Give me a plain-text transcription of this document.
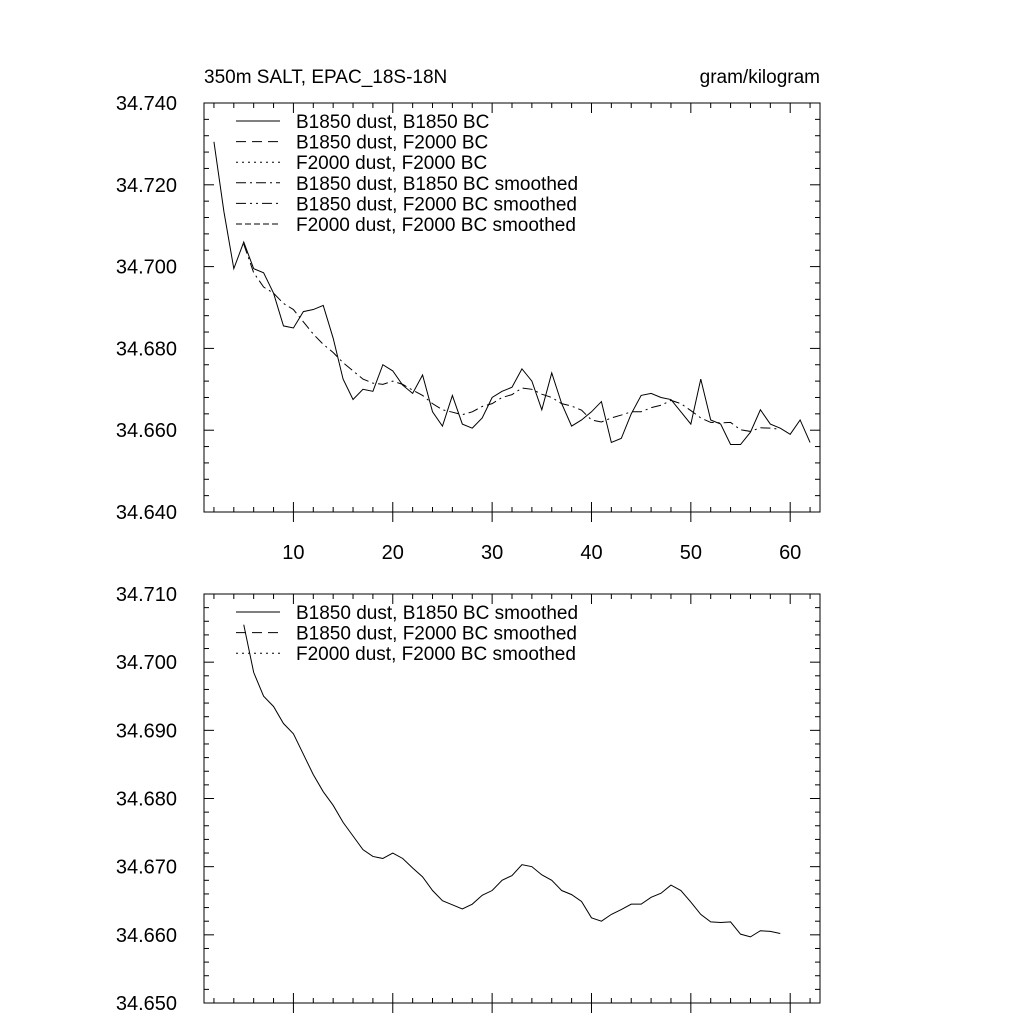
350m SALT, EPAC_18S-18N	gram/kilogram
34.740
34.720
34.700
34.680
34.660
34.640
10	20	30	40	50	60
B1850 dust, B1850 BC
B1850 dust, F2000 BC
F2000 dust, F2000 BC
B1850 dust, B1850 BC smoothed
B1850 dust, F2000 BC smoothed
F2000 dust, F2000 BC smoothed
34.710
34.700
34.690
34.680
34.670
34.660
34.650
B1850 dust, B1850 BC smoothed
B1850 dust, F2000 BC smoothed
F2000 dust, F2000 BC smoothed
